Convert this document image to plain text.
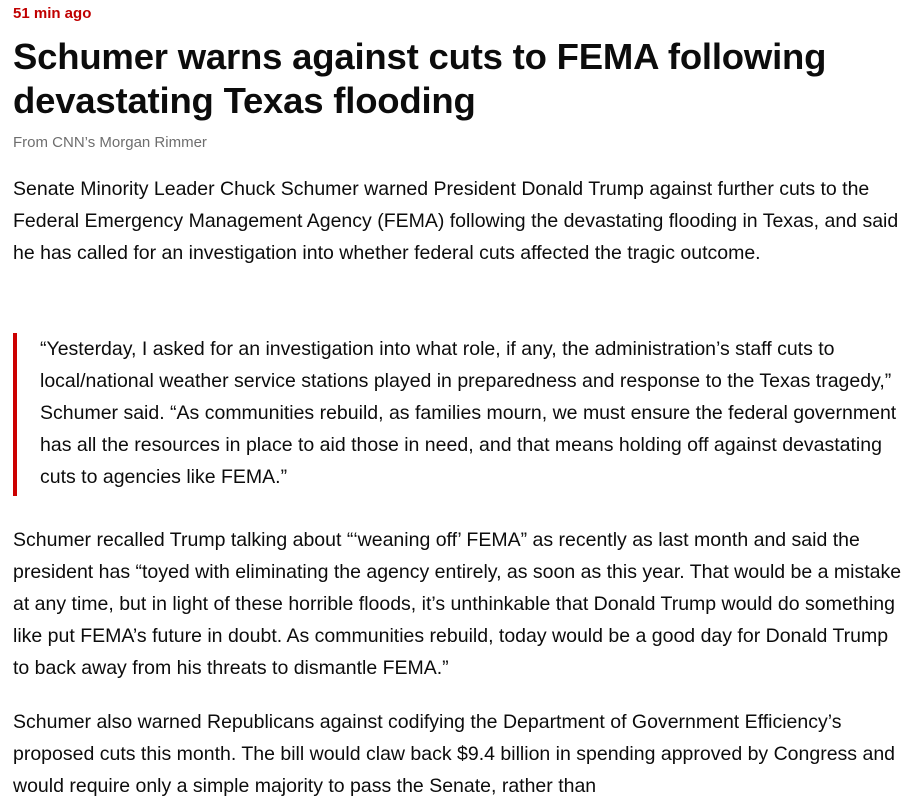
51 min ago
Schumer warns against cuts to FEMA following devastating Texas flooding
From CNN’s Morgan Rimmer

Senate Minority Leader Chuck Schumer warned President Donald Trump against further cuts to the Federal Emergency Management Agency (FEMA) following the devastating flooding in Texas, and said he has called for an investigation into whether federal cuts affected the tragic outcome.

“Yesterday, I asked for an investigation into what role, if any, the administration’s staff cuts to local/national weather service stations played in preparedness and response to the Texas tragedy,” Schumer said. “As communities rebuild, as families mourn, we must ensure the federal government has all the resources in place to aid those in need, and that means holding off against devastating cuts to agencies like FEMA.”

Schumer recalled Trump talking about “‘weaning off’ FEMA” as recently as last month and said the president has “toyed with eliminating the agency entirely, as soon as this year. That would be a mistake at any time, but in light of these horrible floods, it’s unthinkable that Donald Trump would do something like put FEMA’s future in doubt. As communities rebuild, today would be a good day for Donald Trump to back away from his threats to dismantle FEMA.”

Schumer also warned Republicans against codifying the Department of Government Efficiency’s proposed cuts this month. The bill would claw back $9.4 billion in spending approved by Congress and would require only a simple majority to pass the Senate, rather than
